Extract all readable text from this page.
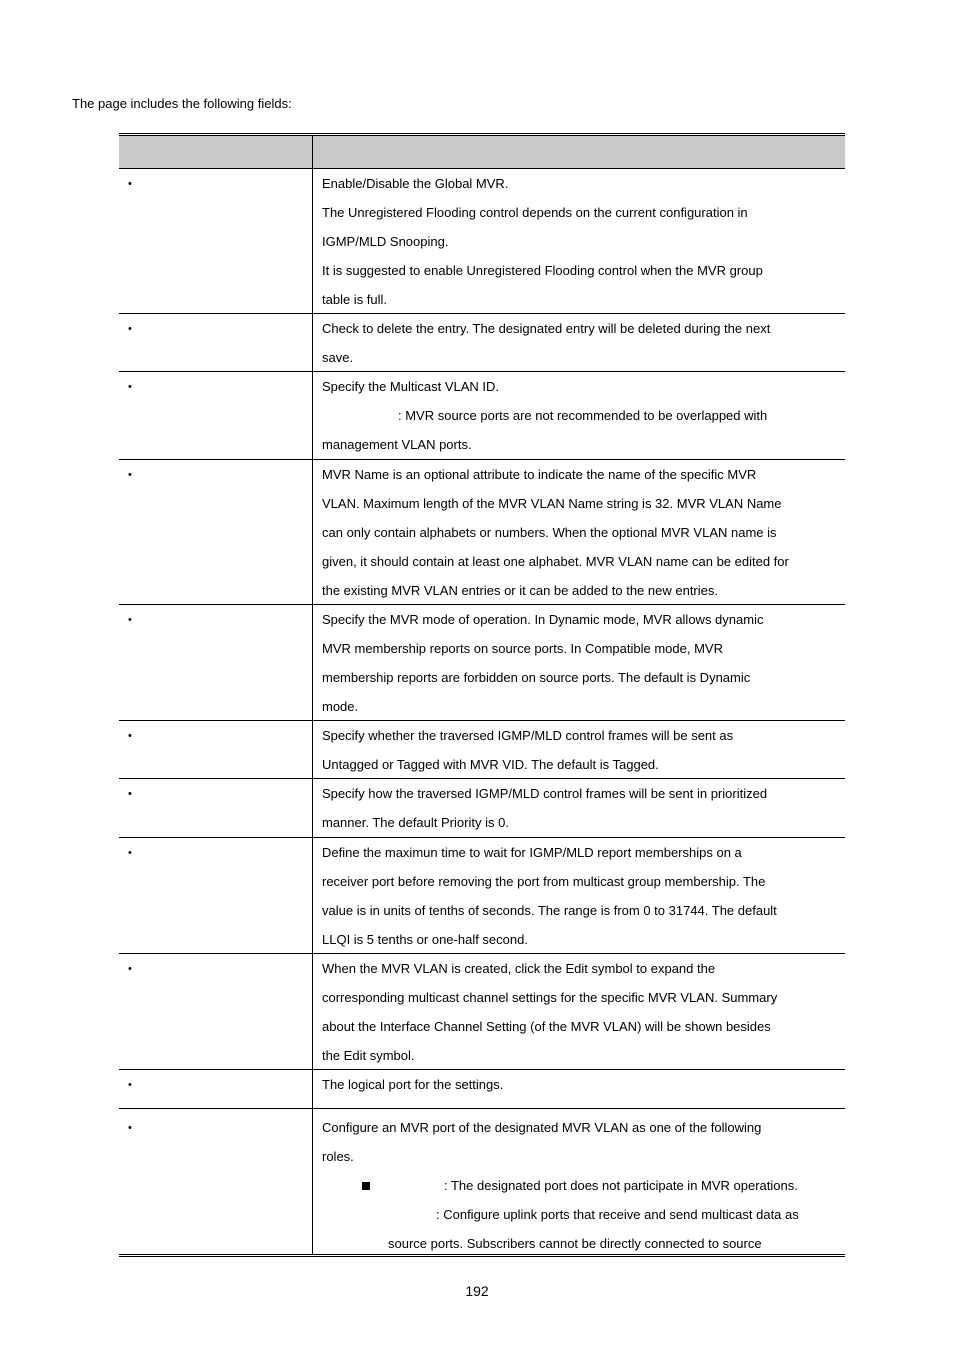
The page includes the following fields:
•	Enable/Disable the Global MVR.
The Unregistered Flooding control depends on the current configuration in
IGMP/MLD Snooping.
It is suggested to enable Unregistered Flooding control when the MVR group
table is full.
•	Check to delete the entry. The designated entry will be deleted during the next
save.
•	Specify the Multicast VLAN ID.
: MVR source ports are not recommended to be overlapped with
management VLAN ports.
•	MVR Name is an optional attribute to indicate the name of the specific MVR
VLAN. Maximum length of the MVR VLAN Name string is 32. MVR VLAN Name
can only contain alphabets or numbers. When the optional MVR VLAN name is
given, it should contain at least one alphabet. MVR VLAN name can be edited for
the existing MVR VLAN entries or it can be added to the new entries.
•	Specify the MVR mode of operation. In Dynamic mode, MVR allows dynamic
MVR membership reports on source ports. In Compatible mode, MVR
membership reports are forbidden on source ports. The default is Dynamic
mode.
•	Specify whether the traversed IGMP/MLD control frames will be sent as
Untagged or Tagged with MVR VID. The default is Tagged.
•	Specify how the traversed IGMP/MLD control frames will be sent in prioritized
manner. The default Priority is 0.
•	Define the maximun time to wait for IGMP/MLD report memberships on a
receiver port before removing the port from multicast group membership. The
value is in units of tenths of seconds. The range is from 0 to 31744. The default
LLQI is 5 tenths or one-half second.
•	When the MVR VLAN is created, click the Edit symbol to expand the
corresponding multicast channel settings for the specific MVR VLAN. Summary
about the Interface Channel Setting (of the MVR VLAN) will be shown besides
the Edit symbol.
•	The logical port for the settings.
•	Configure an MVR port of the designated MVR VLAN as one of the following
roles.
: The designated port does not participate in MVR operations.
: Configure uplink ports that receive and send multicast data as
source ports. Subscribers cannot be directly connected to source
192
